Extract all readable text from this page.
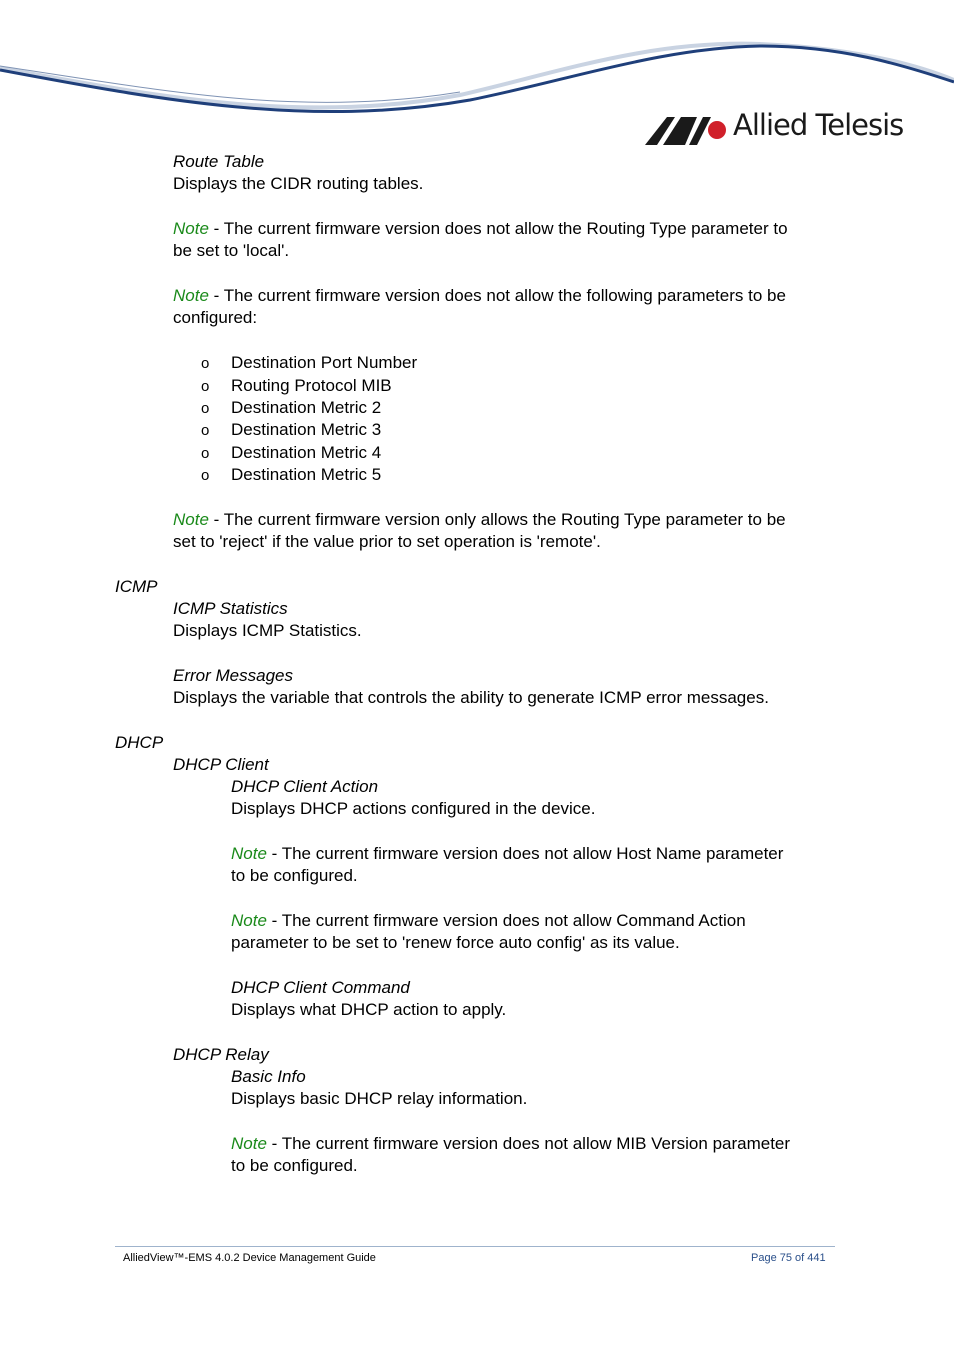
Allied Telesis
Route Table
Displays the CIDR routing tables.
Note - The current firmware version does not allow the Routing Type parameter to
be set to 'local'.
Note - The current firmware version does not allow the following parameters to be
configured:
o Destination Port Number
o Routing Protocol MIB
o Destination Metric 2
o Destination Metric 3
o Destination Metric 4
o Destination Metric 5
Note - The current firmware version only allows the Routing Type parameter to be
set to 'reject' if the value prior to set operation is 'remote'.
ICMP
ICMP Statistics
Displays ICMP Statistics.
Error Messages
Displays the variable that controls the ability to generate ICMP error messages.
DHCP
DHCP Client
DHCP Client Action
Displays DHCP actions configured in the device.
Note - The current firmware version does not allow Host Name parameter
to be configured.
Note - The current firmware version does not allow Command Action
parameter to be set to 'renew force auto config' as its value.
DHCP Client Command
Displays what DHCP action to apply.
DHCP Relay
Basic Info
Displays basic DHCP relay information.
Note - The current firmware version does not allow MIB Version parameter
to be configured.
AlliedView™-EMS 4.0.2 Device Management Guide	Page 75 of 441
